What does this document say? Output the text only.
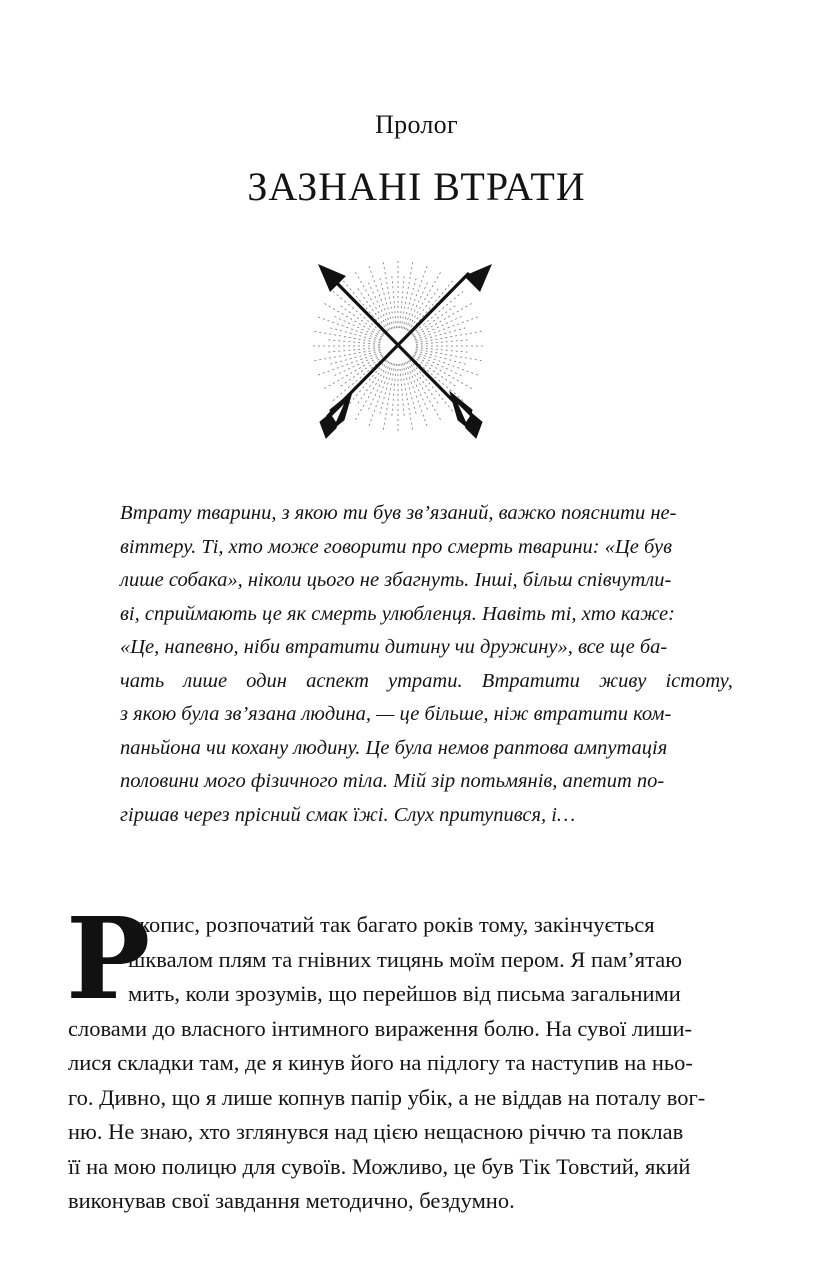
Пролог
ЗАЗНАНІ ВТРАТИ
Втрату тварини, з якою ти був зв’язаний, важко пояснити не-
віттеру. Ті, хто може говорити про смерть тварини: «Це був
лише собака», ніколи цього не збагнуть. Інші, більш співчутли-
ві, сприймають це як смерть улюбленця. Навіть ті, хто каже:
«Це, напевно, ніби втратити дитину чи дружину», все ще ба-
чать лише один аспект утрати. Втратити живу істоту,
з якою була зв’язана людина, — це більше, ніж втратити ком-
паньйона чи кохану людину. Це була немов раптова ампутація
половини мого фізичного тіла. Мій зір потьмянів, апетит по-
гіршав через прісний смак їжі. Слух притупився, і…
Р
укопис, розпочатий так багато років тому, закінчується
шквалом плям та гнівних тицянь моїм пером. Я пам’ятаю
мить, коли зрозумів, що перейшов від письма загальними
словами до власного інтимного вираження болю. На сувої лиши-
лися складки там, де я кинув його на підлогу та наступив на ньо-
го. Дивно, що я лише копнув папір убік, а не віддав на поталу вог-
ню. Не знаю, хто зглянувся над цією нещасною річчю та поклав
її на мою полицю для сувоїв. Можливо, це був Тік Товстий, який
виконував свої завдання методично, бездумно.
